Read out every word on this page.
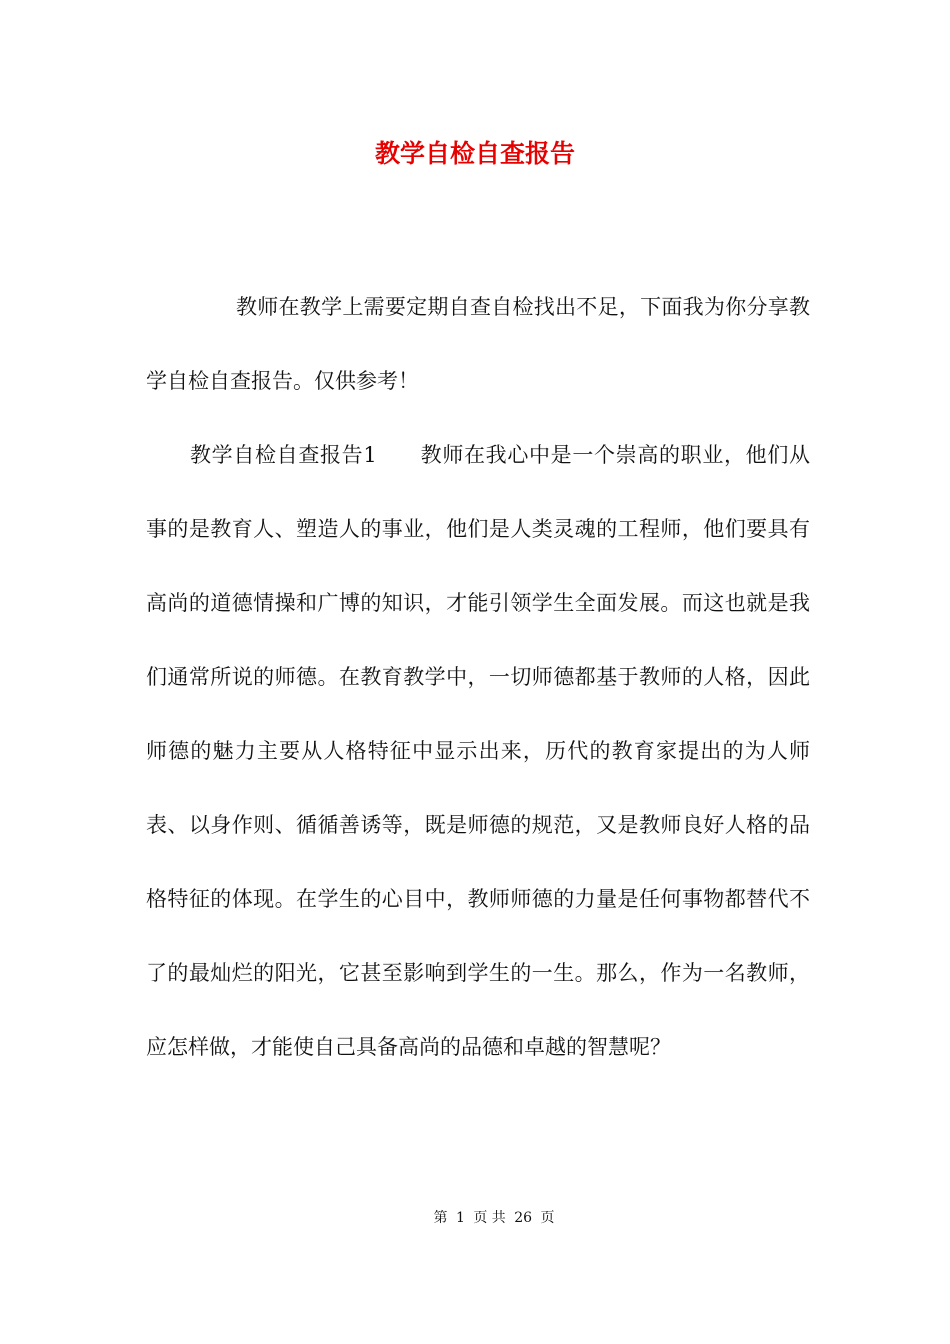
教学自检自查报告

教师在教学上需要定期自查自检找出不足，下面我为你分享教学自检自查报告。仅供参考！

教学自检自查报告1　　教师在我心中是一个崇高的职业，他们从事的是教育人、塑造人的事业，他们是人类灵魂的工程师，他们要具有高尚的道德情操和广博的知识，才能引领学生全面发展。而这也就是我们通常所说的师德。在教育教学中，一切师德都基于教师的人格，因此师德的魅力主要从人格特征中显示出来，历代的教育家提出的为人师表、以身作则、循循善诱等，既是师德的规范，又是教师良好人格的品格特征的体现。在学生的心目中，教师师德的力量是任何事物都替代不了的最灿烂的阳光，它甚至影响到学生的一生。那么，作为一名教师，应怎样做，才能使自己具备高尚的品德和卓越的智慧呢？

第 1 页 共 26 页
